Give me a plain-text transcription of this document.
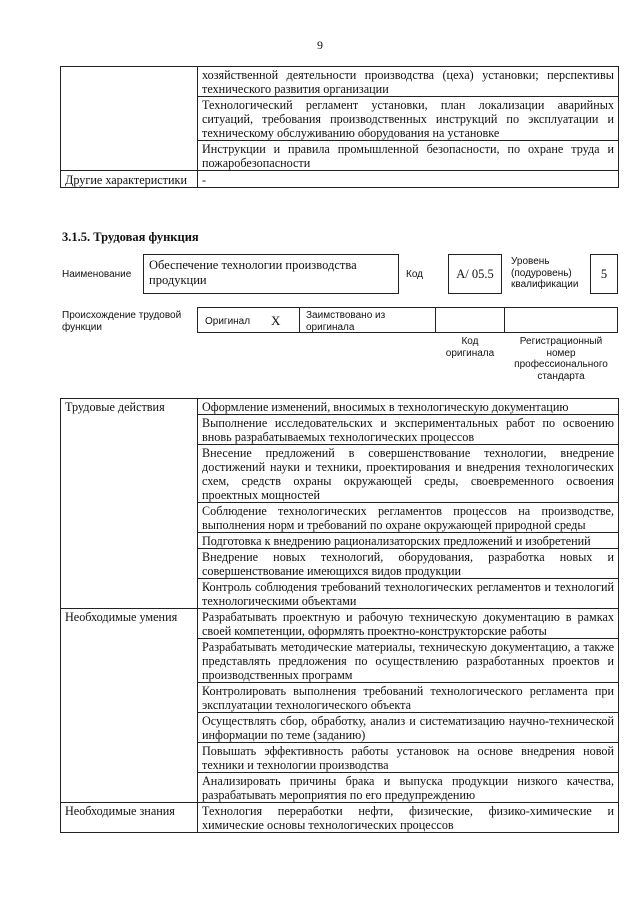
9
	хозяйственной деятельности производства (цеха) установки; перспективы технического развития организации
	Технологический регламент установки, план локализации аварийных ситуаций, требования производственных инструкций по эксплуатации и техническому обслуживанию оборудования на установке
	Инструкции и правила промышленной безопасности, по охране труда и пожаробезопасности
Другие характеристики	-
3.1.5. Трудовая функция
Наименование
Обеспечение технологии производства продукции	Код	А/ 05.5
Уровень (подуровень) квалификации
5
Происхождение трудовой функции	Оригинал X	Заимствовано из оригинала
Код оригинала
Регистрационный номер профессионального стандарта
Трудовые действия	Оформление изменений, вносимых в технологическую документацию
	Выполнение исследовательских и экспериментальных работ по освоению вновь разрабатываемых технологических процессов
	Внесение предложений в совершенствование технологии, внедрение достижений науки и техники, проектирования и внедрения технологических схем, средств охраны окружающей среды, своевременного освоения проектных мощностей
	Соблюдение технологических регламентов процессов на производстве, выполнения норм и требований по охране окружающей природной среды
	Подготовка к внедрению рационализаторских предложений и изобретений
	Внедрение новых технологий, оборудования, разработка новых и совершенствование имеющихся видов продукции
	Контроль соблюдения требований технологических регламентов и технологий технологическими объектами
Необходимые умения	Разрабатывать проектную и рабочую техническую документацию в рамках своей компетенции, оформлять проектно-конструкторские работы
	Разрабатывать методические материалы, техническую документацию, а также представлять предложения по осуществлению разработанных проектов и производственных программ
	Контролировать выполнения требований технологического регламента при эксплуатации технологического объекта
	Осуществлять сбор, обработку, анализ и систематизацию научно-технической информации по теме (заданию)
	Повышать эффективность работы установок на основе внедрения новой техники и технологии производства
	Анализировать причины брака и выпуска продукции низкого качества, разрабатывать мероприятия по его предупреждению
Необходимые знания	Технология переработки нефти, физические, физико-химические и химические основы технологических процессов
